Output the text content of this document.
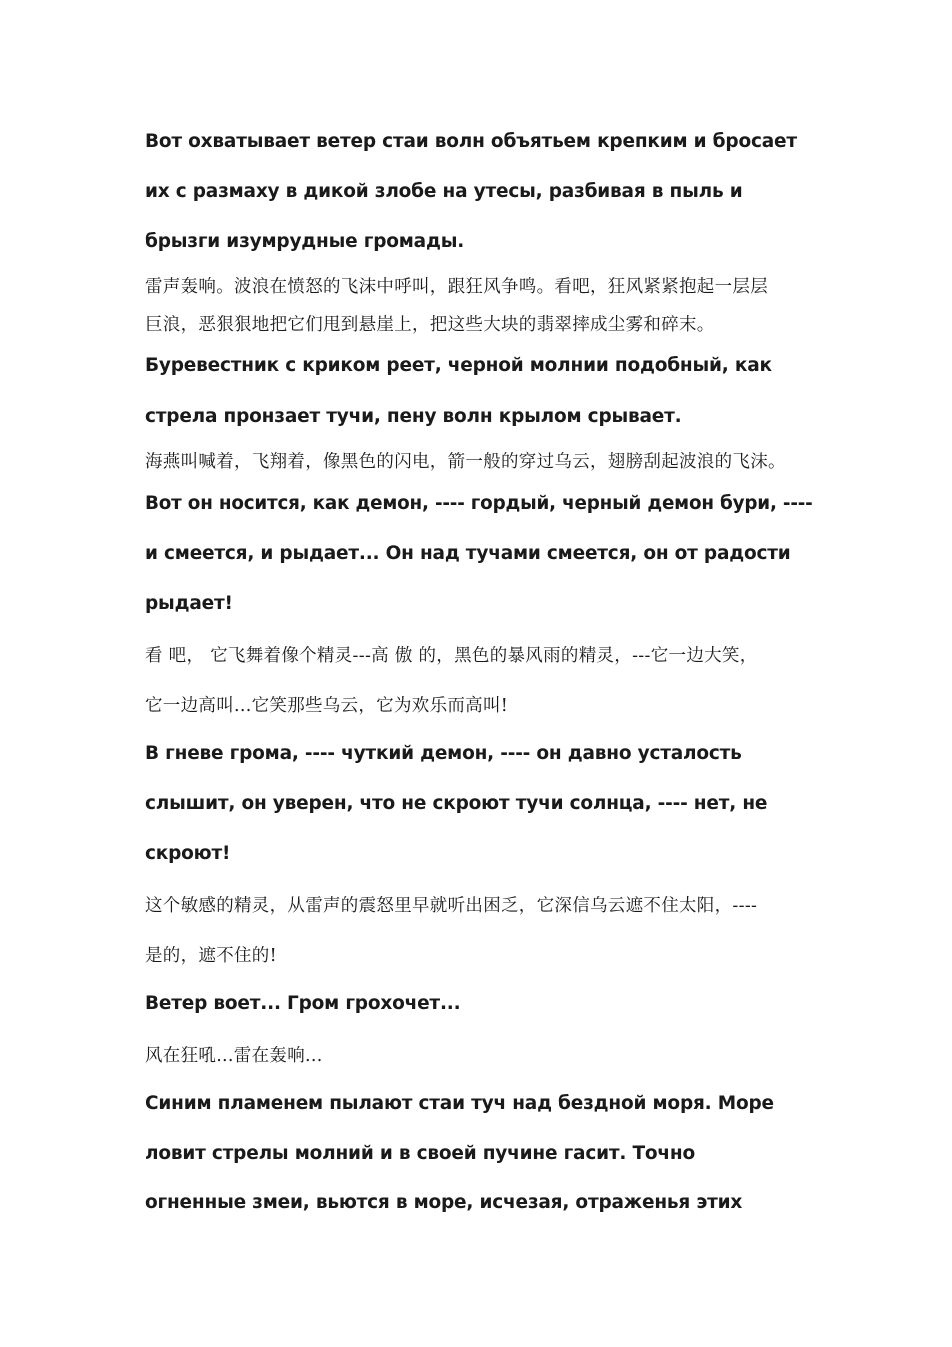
Вот охватывает ветер стаи волн объятьем крепким и бросает
их с размаху в дикой злобе на утесы, разбивая в пыль и
брызги изумрудные громады.
雷声轰响。波浪在愤怒的飞沫中呼叫，跟狂风争鸣。看吧，狂风紧紧抱起一层层
巨浪，恶狠狠地把它们甩到悬崖上，把这些大块的翡翠摔成尘雾和碎末。
Буревестник с криком реет, черной молнии подобный, как
стрела пронзает тучи, пену волн крылом срывает.
海燕叫喊着，飞翔着，像黑色的闪电，箭一般的穿过乌云，翅膀刮起波浪的飞沫。
Вот он носится, как демон, ---- гордый, черный демон бури, ----
и смеется, и рыдает... Он над тучами смеется, он от радости
рыдает!
看 吧， 它飞舞着像个精灵---高 傲 的，黑色的暴风雨的精灵，---它一边大笑，
它一边高叫...它笑那些乌云，它为欢乐而高叫!
В гневе грома, ---- чуткий демон, ---- он давно усталость
слышит, он уверен, что не скроют тучи солнца, ---- нет, не
скроют!
这个敏感的精灵，从雷声的震怒里早就听出困乏，它深信乌云遮不住太阳，----
是的，遮不住的!
Ветер воет... Гром грохочет...
风在狂吼...雷在轰响...
Синим пламенем пылают стаи туч над бездной моря. Море
ловит стрелы молний и в своей пучине гасит. Точно
огненные змеи, вьются в море, исчезая, отраженья этих
